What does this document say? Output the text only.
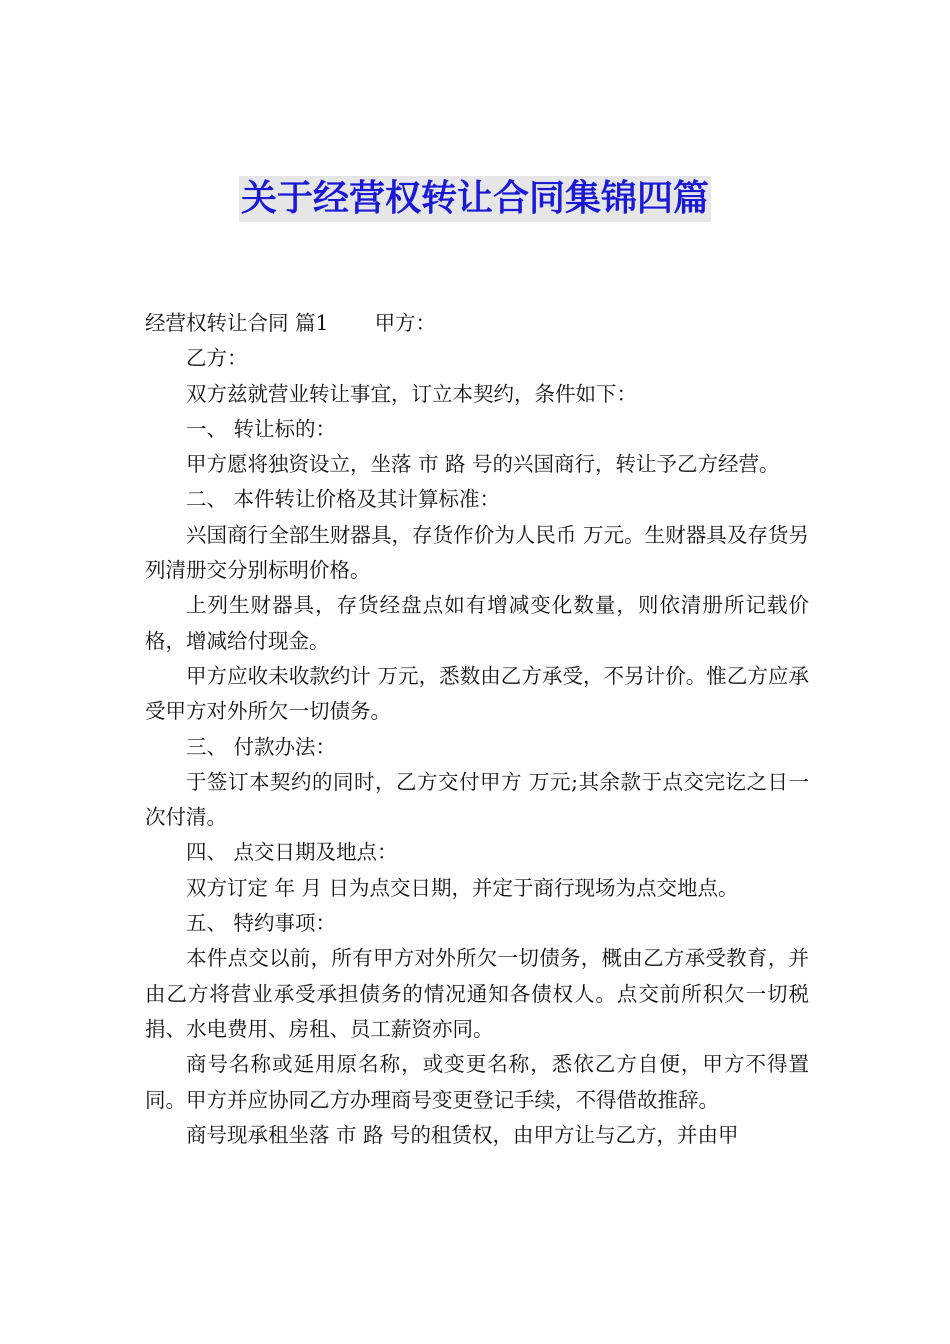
关于经营权转让合同集锦四篇

经营权转让合同 篇1 甲方：

乙方：

双方兹就营业转让事宜，订立本契约，条件如下：

一、 转让标的：

甲方愿将独资设立，坐落 市 路 号的兴国商行，转让予乙方经营。

二、 本件转让价格及其计算标准：

兴国商行全部生财器具，存货作价为人民币 万元。生财器具及存货另列清册交分别标明价格。

上列生财器具，存货经盘点如有增减变化数量，则依清册所记载价格，增减给付现金。

甲方应收未收款约计 万元，悉数由乙方承受，不另计价。惟乙方应承受甲方对外所欠一切债务。

三、 付款办法：

于签订本契约的同时，乙方交付甲方 万元;其余款于点交完讫之日一次付清。

四、 点交日期及地点：

双方订定 年 月 日为点交日期，并定于商行现场为点交地点。

五、 特约事项：

本件点交以前，所有甲方对外所欠一切债务，概由乙方承受教育，并由乙方将营业承受承担债务的情况通知各债权人。点交前所积欠一切税捐、水电费用、房租、员工薪资亦同。

商号名称或延用原名称，或变更名称，悉依乙方自便，甲方不得置同。甲方并应协同乙方办理商号变更登记手续，不得借故推辞。

商号现承租坐落 市 路 号的租赁权，由甲方让与乙方，并由甲
